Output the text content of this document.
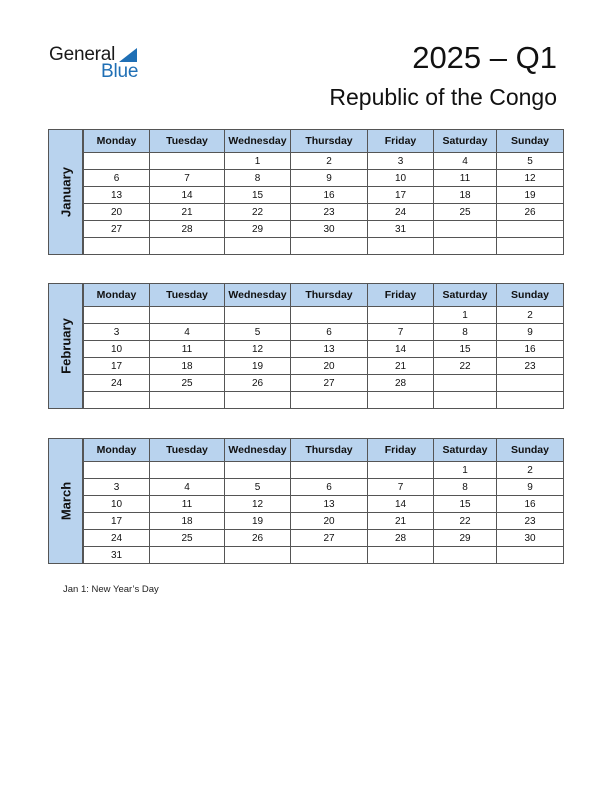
General
Blue	2025 – Q1
Republic of the Congo
January
Monday	Tuesday	Wednesday	Thursday	Friday	Saturday	Sunday
		1	2	3	4	5
6	7	8	9	10	11	12
13	14	15	16	17	18	19
20	21	22	23	24	25	26
27	28	29	30	31		

February
Monday	Tuesday	Wednesday	Thursday	Friday	Saturday	Sunday
					1	2
3	4	5	6	7	8	9
10	11	12	13	14	15	16
17	18	19	20	21	22	23
24	25	26	27	28		

March
Monday	Tuesday	Wednesday	Thursday	Friday	Saturday	Sunday
					1	2
3	4	5	6	7	8	9
10	11	12	13	14	15	16
17	18	19	20	21	22	23
24	25	26	27	28	29	30
31						
Jan 1: New Year’s Day
